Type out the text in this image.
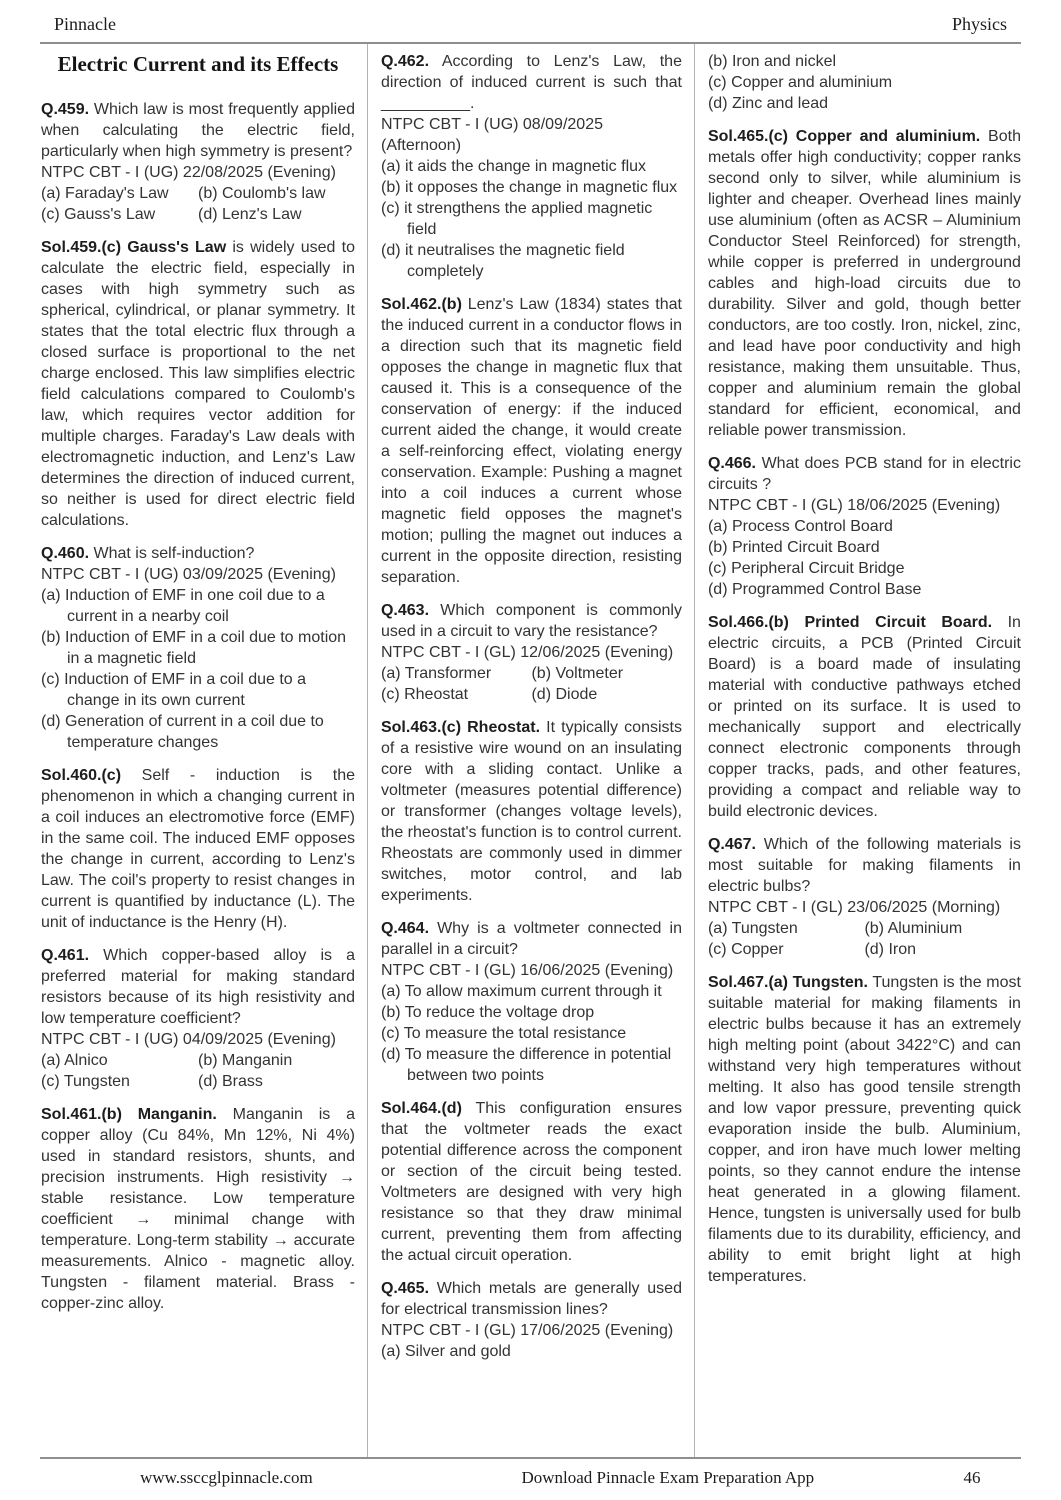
Pinnacle	Physics
Electric Current and its Effects

Q.459. Which law is most frequently applied when calculating the electric field, particularly when high symmetry is present?

NTPC CBT - I (UG) 22/08/2025 (Evening)

(a) Faraday's Law	(b) Coulomb's law
(c) Gauss's Law	(d) Lenz's Law

Sol.459.(c) Gauss's Law is widely used to calculate the electric field, especially in cases with high symmetry such as spherical, cylindrical, or planar symmetry. It states that the total electric flux through a closed surface is proportional to the net charge enclosed. This law simplifies electric field calculations compared to Coulomb's law, which requires vector addition for multiple charges. Faraday's Law deals with electromagnetic induction, and Lenz's Law determines the direction of induced current, so neither is used for direct electric field calculations.

Q.460. What is self-induction?

NTPC CBT - I (UG) 03/09/2025 (Evening)

(a) Induction of EMF in one coil due to a current in a nearby coil
(b) Induction of EMF in a coil due to motion in a magnetic field
(c) Induction of EMF in a coil due to a change in its own current
(d) Generation of current in a coil due to temperature changes

Sol.460.(c) Self - induction is the phenomenon in which a changing current in a coil induces an electromotive force (EMF) in the same coil. The induced EMF opposes the change in current, according to Lenz's Law. The coil's property to resist changes in current is quantified by inductance (L). The unit of inductance is the Henry (H).

Q.461. Which copper-based alloy is a preferred material for making standard resistors because of its high resistivity and low temperature coefficient?

NTPC CBT - I (UG) 04/09/2025 (Evening)

(a) Alnico	(b) Manganin
(c) Tungsten	(d) Brass

Sol.461.(b) Manganin. Manganin is a copper alloy (Cu 84%, Mn 12%, Ni 4%) used in standard resistors, shunts, and precision instruments. High resistivity → stable resistance. Low temperature coefficient → minimal change with temperature. Long-term stability → accurate measurements. Alnico - magnetic alloy. Tungsten - filament material. Brass - copper-zinc alloy.

Q.462. According to Lenz's Law, the direction of induced current is such that __________.

NTPC CBT - I (UG) 08/09/2025 (Afternoon)

(a) it aids the change in magnetic flux
(b) it opposes the change in magnetic flux
(c) it strengthens the applied magnetic field
(d) it neutralises the magnetic field completely

Sol.462.(b) Lenz's Law (1834) states that the induced current in a conductor flows in a direction such that its magnetic field opposes the change in magnetic flux that caused it. This is a consequence of the conservation of energy: if the induced current aided the change, it would create a self-reinforcing effect, violating energy conservation. Example: Pushing a magnet into a coil induces a current whose magnetic field opposes the magnet's motion; pulling the magnet out induces a current in the opposite direction, resisting separation.

Q.463. Which component is commonly used in a circuit to vary the resistance?

NTPC CBT - I (GL) 12/06/2025 (Evening)

(a) Transformer	(b) Voltmeter
(c) Rheostat	(d) Diode

Sol.463.(c) Rheostat. It typically consists of a resistive wire wound on an insulating core with a sliding contact. Unlike a voltmeter (measures potential difference) or transformer (changes voltage levels), the rheostat's function is to control current. Rheostats are commonly used in dimmer switches, motor control, and lab experiments.

Q.464. Why is a voltmeter connected in parallel in a circuit?

NTPC CBT - I (GL) 16/06/2025 (Evening)

(a) To allow maximum current through it
(b) To reduce the voltage drop
(c) To measure the total resistance
(d) To measure the difference in potential between two points

Sol.464.(d) This configuration ensures that the voltmeter reads the exact potential difference across the component or section of the circuit being tested. Voltmeters are designed with very high resistance so that they draw minimal current, preventing them from affecting the actual circuit operation.

Q.465. Which metals are generally used for electrical transmission lines?

NTPC CBT - I (GL) 17/06/2025 (Evening)

(a) Silver and gold
(b) Iron and nickel
(c) Copper and aluminium
(d) Zinc and lead

Sol.465.(c) Copper and aluminium. Both metals offer high conductivity; copper ranks second only to silver, while aluminium is lighter and cheaper. Overhead lines mainly use aluminium (often as ACSR – Aluminium Conductor Steel Reinforced) for strength, while copper is preferred in underground cables and high-load circuits due to durability. Silver and gold, though better conductors, are too costly. Iron, nickel, zinc, and lead have poor conductivity and high resistance, making them unsuitable. Thus, copper and aluminium remain the global standard for efficient, economical, and reliable power transmission.

Q.466. What does PCB stand for in electric circuits ?

NTPC CBT - I (GL) 18/06/2025 (Evening)

(a) Process Control Board
(b) Printed Circuit Board
(c) Peripheral Circuit Bridge
(d) Programmed Control Base

Sol.466.(b) Printed Circuit Board. In electric circuits, a PCB (Printed Circuit Board) is a board made of insulating material with conductive pathways etched or printed on its surface. It is used to mechanically support and electrically connect electronic components through copper tracks, pads, and other features, providing a compact and reliable way to build electronic devices.

Q.467. Which of the following materials is most suitable for making filaments in electric bulbs?

NTPC CBT - I (GL) 23/06/2025 (Morning)

(a) Tungsten	(b) Aluminium
(c) Copper	(d) Iron

Sol.467.(a) Tungsten. Tungsten is the most suitable material for making filaments in electric bulbs because it has an extremely high melting point (about 3422°C) and can withstand very high temperatures without melting. It also has good tensile strength and low vapor pressure, preventing quick evaporation inside the bulb. Aluminium, copper, and iron have much lower melting points, so they cannot endure the intense heat generated in a glowing filament. Hence, tungsten is universally used for bulb filaments due to its durability, efficiency, and ability to emit bright light at high temperatures.

www.ssccglpinnacle.com	Download Pinnacle Exam Preparation App	46
